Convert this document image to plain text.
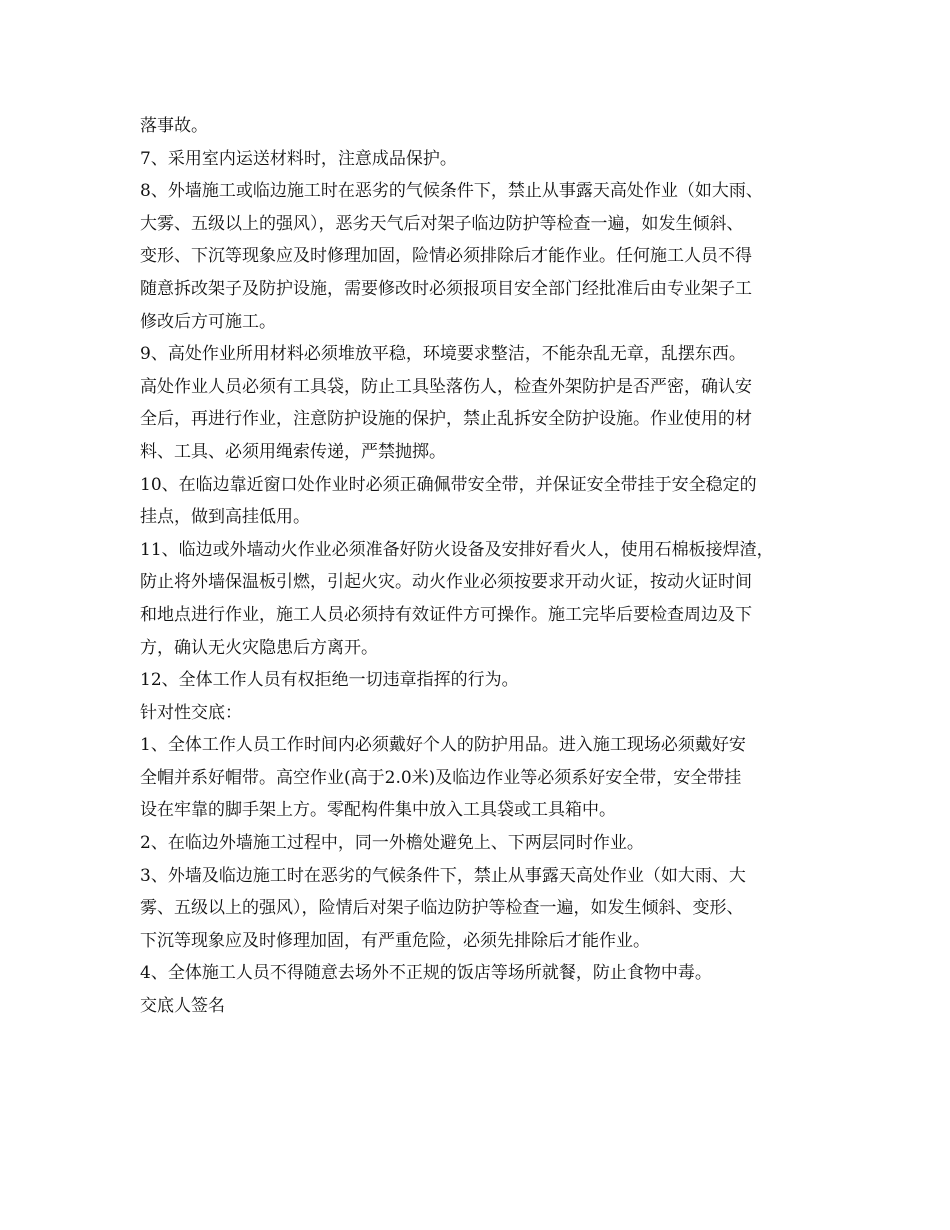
落事故。
7、采用室内运送材料时，注意成品保护。
8、外墙施工或临边施工时在恶劣的气候条件下，禁止从事露天高处作业（如大雨、
大雾、五级以上的强风），恶劣天气后对架子临边防护等检查一遍，如发生倾斜、
变形、下沉等现象应及时修理加固，险情必须排除后才能作业。任何施工人员不得
随意拆改架子及防护设施，需要修改时必须报项目安全部门经批准后由专业架子工
修改后方可施工。
9、高处作业所用材料必须堆放平稳，环境要求整洁，不能杂乱无章，乱摆东西。
高处作业人员必须有工具袋，防止工具坠落伤人，检查外架防护是否严密，确认安
全后，再进行作业，注意防护设施的保护，禁止乱拆安全防护设施。作业使用的材
料、工具、必须用绳索传递，严禁抛掷。
10、在临边靠近窗口处作业时必须正确佩带安全带，并保证安全带挂于安全稳定的
挂点，做到高挂低用。
11、临边或外墙动火作业必须准备好防火设备及安排好看火人，使用石棉板接焊渣，
防止将外墙保温板引燃，引起火灾。动火作业必须按要求开动火证，按动火证时间
和地点进行作业，施工人员必须持有效证件方可操作。施工完毕后要检查周边及下
方，确认无火灾隐患后方离开。
12、全体工作人员有权拒绝一切违章指挥的行为。
针对性交底：
1、全体工作人员工作时间内必须戴好个人的防护用品。进入施工现场必须戴好安
全帽并系好帽带。高空作业(高于2.0米)及临边作业等必须系好安全带，安全带挂
设在牢靠的脚手架上方。零配构件集中放入工具袋或工具箱中。
2、在临边外墙施工过程中，同一外檐处避免上、下两层同时作业。
3、外墙及临边施工时在恶劣的气候条件下，禁止从事露天高处作业（如大雨、大
雾、五级以上的强风），险情后对架子临边防护等检查一遍，如发生倾斜、变形、
下沉等现象应及时修理加固，有严重危险，必须先排除后才能作业。
4、全体施工人员不得随意去场外不正规的饭店等场所就餐，防止食物中毒。
交底人签名
